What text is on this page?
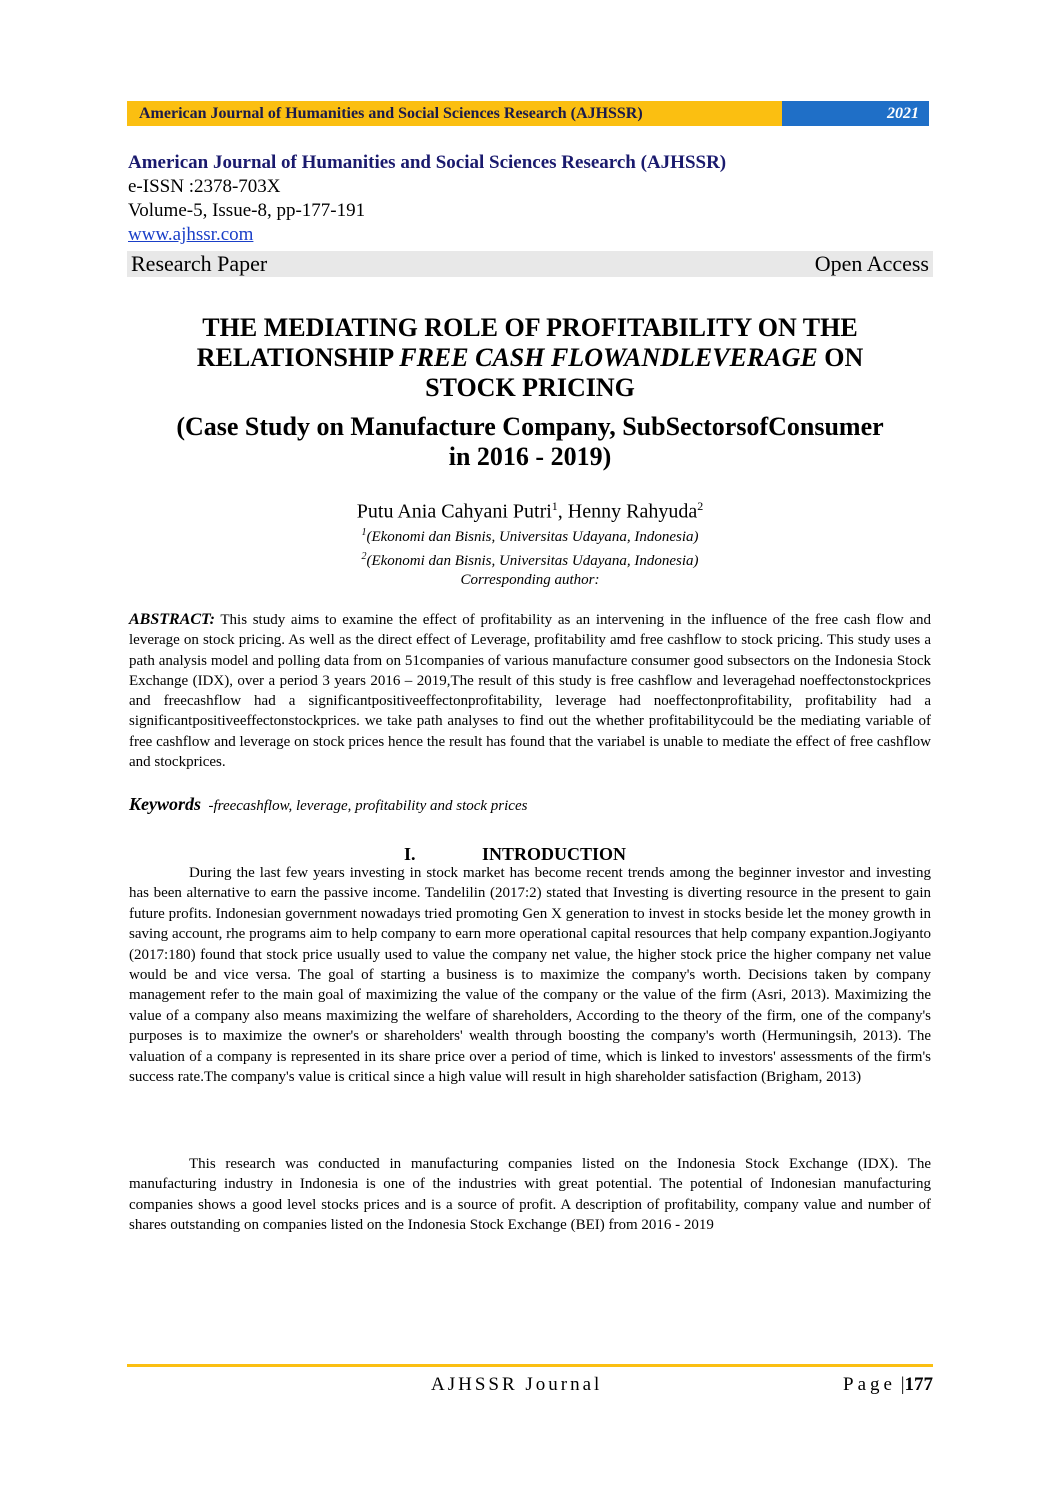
American Journal of Humanities and Social Sciences Research (AJHSSR)	2021
American Journal of Humanities and Social Sciences Research (AJHSSR)
e-ISSN :2378-703X
Volume-5, Issue-8, pp-177-191
www.ajhssr.com
Research Paper	Open Access
THE MEDIATING ROLE OF PROFITABILITY ON THE
RELATIONSHIP FREE CASH FLOWANDLEVERAGE ON
STOCK PRICING
(Case Study on Manufacture Company, SubSectorsofConsumer
in 2016 - 2019)
Putu Ania Cahyani Putri$^1$, Henny Rahyuda$^2$
$^1$(Ekonomi dan Bisnis, Universitas Udayana, Indonesia)
$^2$(Ekonomi dan Bisnis, Universitas Udayana, Indonesia)
Corresponding author:
ABSTRACT: This study aims to examine the effect of profitability as an intervening in the influence of the free cash flow and leverage on stock pricing. As well as the direct effect of Leverage, profitability amd free cashflow to stock pricing. This study uses a path analysis model and polling data from on 51companies of various manufacture consumer good subsectors on the Indonesia Stock Exchange (IDX), over a period 3 years 2016 – 2019,The result of this study is free cashflow and leveragehad noeffectonstockprices and freecashflow had a significantpositiveeffectonprofitability, leverage had noeffectonprofitability, profitability had a significantpositiveeffectonstockprices. we take path analyses to find out the whether profitabilitycould be the mediating variable of free cashflow and leverage on stock prices hence the result has found that the variabel is unable to mediate the effect of free cashflow and stockprices.
Keywords -freecashflow, leverage, profitability and stock prices
I.	INTRODUCTION
During the last few years investing in stock market has become recent trends among the beginner investor and investing has been alternative to earn the passive income. Tandelilin (2017:2) stated that Investing is diverting resource in the present to gain future profits. Indonesian government nowadays tried promoting Gen X generation to invest in stocks beside let the money growth in saving account, rhe programs aim to help company to earn more operational capital resources that help company expantion.Jogiyanto (2017:180) found that stock price usually used to value the company net value, the higher stock price the higher company net value would be and vice versa. The goal of starting a business is to maximize the company's worth. Decisions taken by company management refer to the main goal of maximizing the value of the company or the value of the firm (Asri, 2013). Maximizing the value of a company also means maximizing the welfare of shareholders, According to the theory of the firm, one of the company's purposes is to maximize the owner's or shareholders' wealth through boosting the company's worth (Hermuningsih, 2013). The valuation of a company is represented in its share price over a period of time, which is linked to investors' assessments of the firm's success rate.The company's value is critical since a high value will result in high shareholder satisfaction (Brigham, 2013)
This research was conducted in manufacturing companies listed on the Indonesia Stock Exchange (IDX). The manufacturing industry in Indonesia is one of the industries with great potential. The potential of Indonesian manufacturing companies shows a good level stocks prices and is a source of profit. A description of profitability, company value and number of shares outstanding on companies listed on the Indonesia Stock Exchange (BEI) from 2016 - 2019
AJHSSR Journal	Page |177
